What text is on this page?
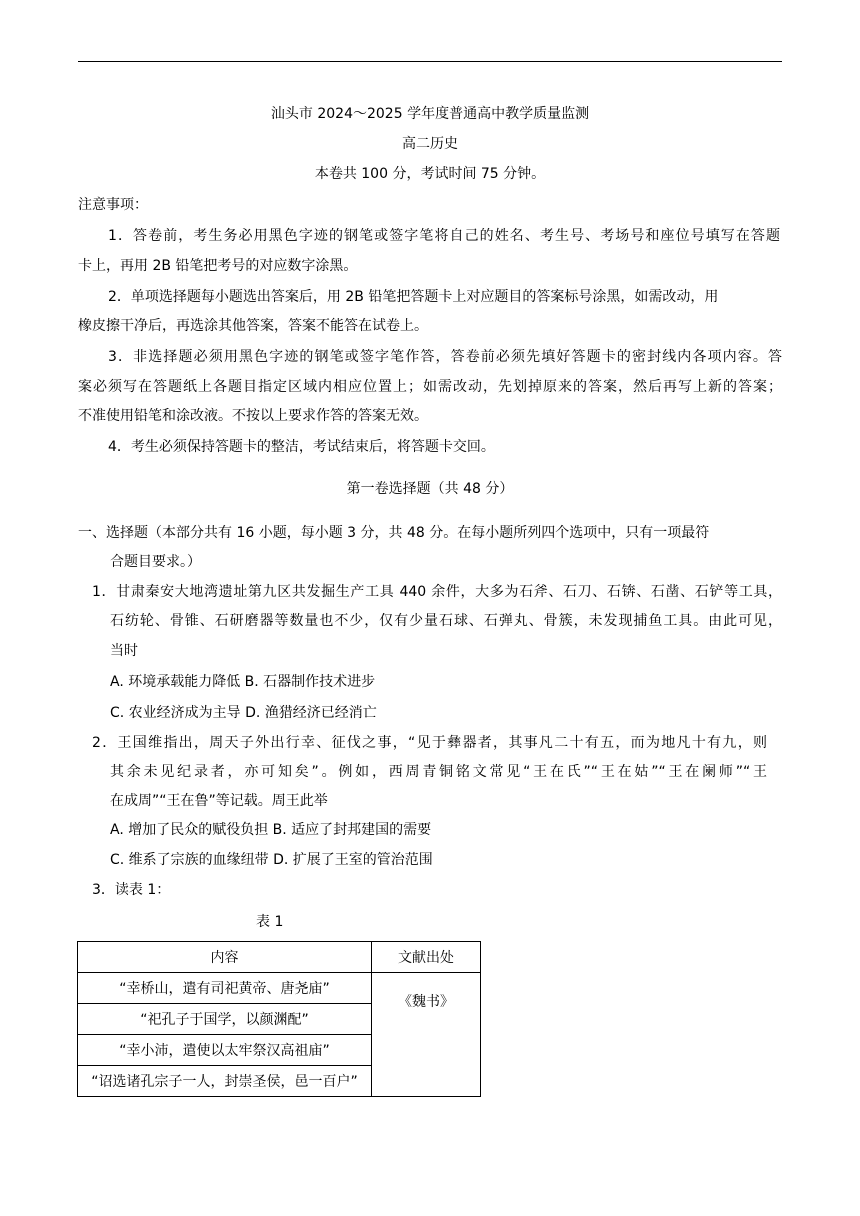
汕头市 2024～2025 学年度普通高中教学质量监测
高二历史
本卷共 100 分，考试时间 75 分钟。
注意事项：
1．答卷前，考生务必用黑色字迹的钢笔或签字笔将自己的姓名、考生号、考场号和座位号填写在答题
卡上，再用 2B 铅笔把考号的对应数字涂黑。
2．单项选择题每小题选出答案后，用 2B 铅笔把答题卡上对应题目的答案标号涂黑，如需改动，用
橡皮擦干净后，再选涂其他答案，答案不能答在试卷上。
3．非选择题必须用黑色字迹的钢笔或签字笔作答，答卷前必须先填好答题卡的密封线内各项内容。答
案必须写在答题纸上各题目指定区域内相应位置上；如需改动，先划掉原来的答案，然后再写上新的答案；
不准使用铅笔和涂改液。不按以上要求作答的答案无效。
4．考生必须保持答题卡的整洁，考试结束后，将答题卡交回。
第一卷选择题（共 48 分）
一、选择题（本部分共有 16 小题，每小题 3 分，共 48 分。在每小题所列四个选项中，只有一项最符
合题目要求。）
1．甘肃秦安大地湾遗址第九区共发掘生产工具 440 余件，大多为石斧、石刀、石锛、石凿、石铲等工具，
石纺轮、骨锥、石研磨器等数量也不少，仅有少量石球、石弹丸、骨簇，未发现捕鱼工具。由此可见，
当时
A. 环境承载能力降低 B. 石器制作技术进步
C. 农业经济成为主导 D. 渔猎经济已经消亡
2．王国维指出，周天子外出行幸、征伐之事，“见于彝器者，其事凡二十有五，而为地凡十有九，则
其余未见纪录者，亦可知矣”。例如，西周青铜铭文常见“王在氏”“王在姑”“王在阑师”“王
在成周”“王在鲁”等记载。周王此举
A. 增加了民众的赋役负担 B. 适应了封邦建国的需要
C. 维系了宗族的血缘纽带 D. 扩展了王室的管治范围
3．读表 1：
表 1
内容	文献出处
“幸桥山，遣有司祀黄帝、唐尧庙”	《魏书》
“祀孔子于国学，以颜渊配”	
“幸小沛，遣使以太牢祭汉高祖庙”	
“诏选诸孔宗子一人，封崇圣侯，邑一百户”	
